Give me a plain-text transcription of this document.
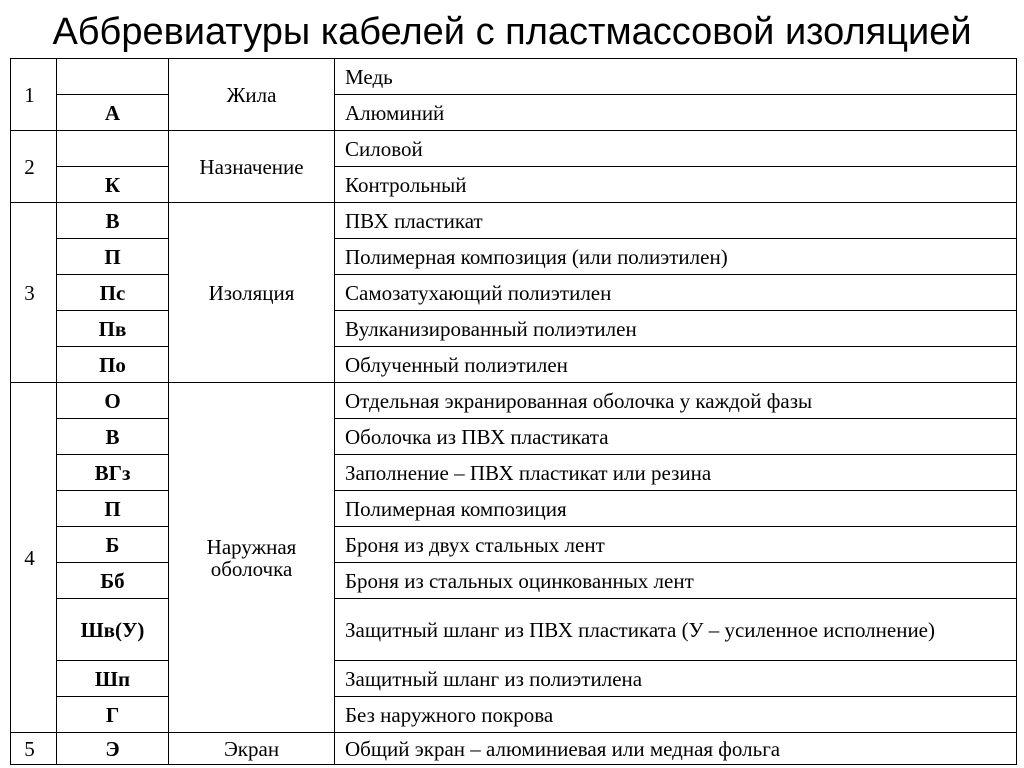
Аббревиатуры кабелей с пластмассовой изоляцией
1		Жила	Медь
	А		Алюминий
2		Назначение	Силовой
	К		Контрольный
3	В	Изоляция	ПВХ пластикат
	П		Полимерная композиция (или полиэтилен)
	Пс		Самозатухающий полиэтилен
	Пв		Вулканизированный полиэтилен
	По		Облученный полиэтилен
4	О	Наружная оболочка	Отдельная экранированная оболочка у каждой фазы
	В		Оболочка из ПВХ пластиката
	ВГз		Заполнение – ПВХ пластикат или резина
	П		Полимерная композиция
	Б		Броня из двух стальных лент
	Бб		Броня из стальных оцинкованных лент
	Шв(У)		Защитный шланг из ПВХ пластиката (У – усиленное исполнение)
	Шп		Защитный шланг из полиэтилена
	Г		Без наружного покрова
5	Э	Экран	Общий экран – алюминиевая или медная фольга
